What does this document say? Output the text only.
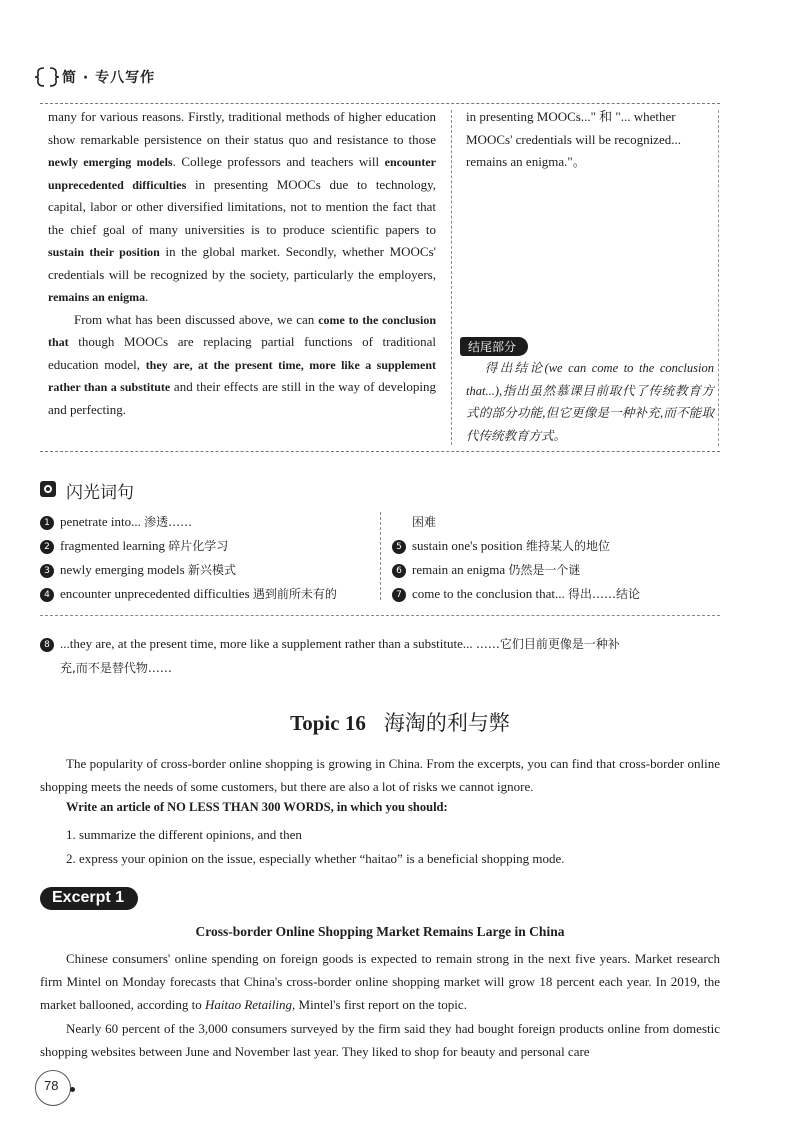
简 · 专八写作

many for various reasons. Firstly, traditional methods of higher education show remarkable persistence on their status quo and resistance to those newly emerging models. College professors and teachers will encounter unprecedented difficulties in presenting MOOCs due to technology, capital, labor or other diversified limitations, not to mention the fact that the chief goal of many universities is to produce scientific papers to sustain their position in the global market. Secondly, whether MOOCs' credentials will be recognized by the society, particularly the employers, remains an enigma.

From what has been discussed above, we can come to the conclusion that though MOOCs are replacing partial functions of traditional education model, they are, at the present time, more like a supplement rather than a substitute and their effects are still in the way of developing and perfecting.

in presenting MOOCs..." 和 "... whether MOOCs' credentials will be recognized... remains an enigma."。
结尾部分
得出结论(we can come to the conclusion that...),指出虽然慕课目前取代了传统教育方式的部分功能,但它更像是一种补充,而不能取代传统教育方式。
闪光词句
1 penetrate into... 渗透……
2 fragmented learning 碎片化学习
3 newly emerging models 新兴模式
4 encounter unprecedented difficulties 遇到前所未有的
困难
5 sustain one's position 维持某人的地位
6 remain an enigma 仍然是一个谜
7 come to the conclusion that... 得出……结论
8 ...they are, at the present time, more like a supplement rather than a substitute... ……它们目前更像是一种补
充,而不是替代物……
Topic 16 海淘的利与弊
The popularity of cross-border online shopping is growing in China. From the excerpts, you can find that cross-border online shopping meets the needs of some customers, but there are also a lot of risks we cannot ignore.
Write an article of NO LESS THAN 300 WORDS, in which you should:
1. summarize the different opinions, and then
2. express your opinion on the issue, especially whether “haitao” is a beneficial shopping mode.
Excerpt 1
Cross-border Online Shopping Market Remains Large in China
Chinese consumers' online spending on foreign goods is expected to remain strong in the next five years. Market research firm Mintel on Monday forecasts that China's cross-border online shopping market will grow 18 percent each year. In 2019, the market ballooned, according to Haitao Retailing, Mintel's first report on the topic.
Nearly 60 percent of the 3,000 consumers surveyed by the firm said they had bought foreign products online from domestic shopping websites between June and November last year. They liked to shop for beauty and personal care
78
